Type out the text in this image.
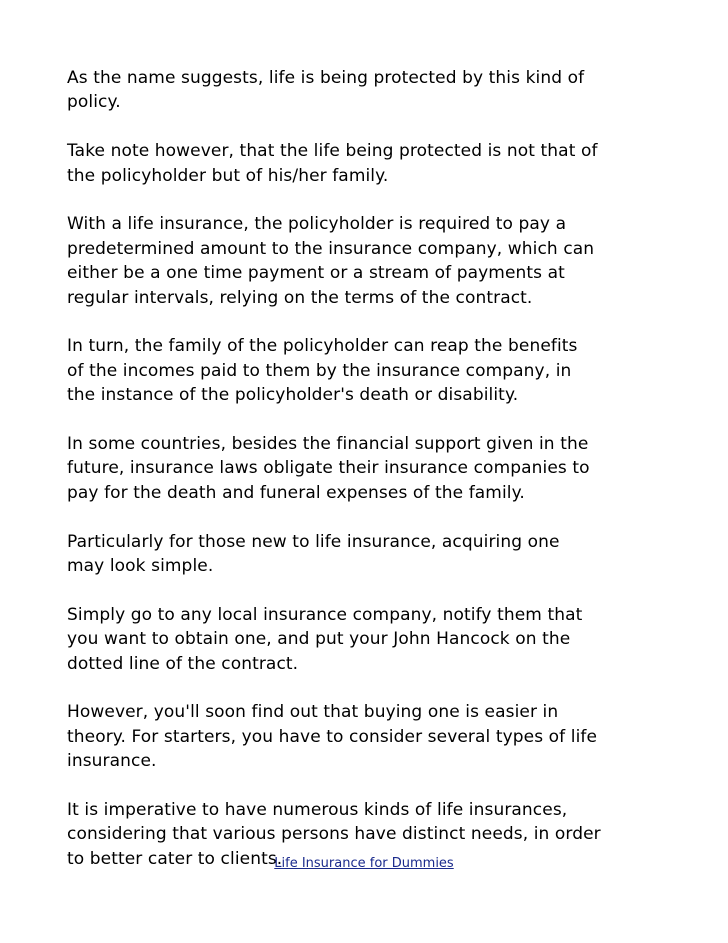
As the name suggests, life is being protected by this kind of
policy.

Take note however, that the life being protected is not that of
the policyholder but of his/her family.

With a life insurance, the policyholder is required to pay a
predetermined amount to the insurance company, which can
either be a one time payment or a stream of payments at
regular intervals, relying on the terms of the contract.

In turn, the family of the policyholder can reap the benefits
of the incomes paid to them by the insurance company, in
the instance of the policyholder's death or disability.

In some countries, besides the financial support given in the
future, insurance laws obligate their insurance companies to
pay for the death and funeral expenses of the family.

Particularly for those new to life insurance, acquiring one
may look simple.

Simply go to any local insurance company, notify them that
you want to obtain one, and put your John Hancock on the
dotted line of the contract.

However, you'll soon find out that buying one is easier in
theory. For starters, you have to consider several types of life
insurance.

It is imperative to have numerous kinds of life insurances,
considering that various persons have distinct needs, in order
to better cater to clients.

Life Insurance for Dummies
